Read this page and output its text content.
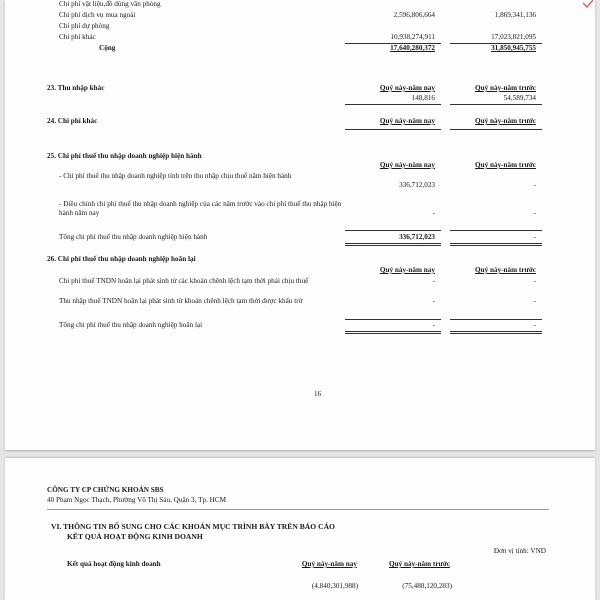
Chi phí vật liệu,đồ dùng văn phòng
Chi phí dịch vụ mua ngoài	2,596,806,664	1,869,341,136
Chi phí dự phòng
Chi phí khác	10,938,274,911	17,023,821,095
Cộng	17,640,280,372	31,850,945,755
23. Thu nhập khác	Quý này-năm nay	Quý này-năm trước
148,816	54,589,734
24. Chi phí khác	Quý này-năm nay	Quý này-năm trước
25. Chi phí thuế thu nhập doanh nghiệp hiện hành
Quý này-năm nay	Quý này-năm trước
- Chi phí thuế thu nhập doanh nghiệp tính trên thu nhập chịu thuế năm hiện hành
336,712,023	-
- Điều chỉnh chi phí thuế thu nhập doanh nghiệp của các năm trước vào chi phí thuế thu nhập hiện hành năm nay	-	-
Tổng chi phí thuế thu nhập doanh nghiệp hiện hành	336,712,023	-
26. Chi phí thuế thu nhập doanh nghiệp hoãn lại
Quý này-năm nay	Quý này-năm trước
Chi phí thuế TNDN hoãn lại phát sinh từ các khoản chênh lệch tạm thời phải chịu thuế	-	-
Thu nhập thuế TNDN hoãn lại phát sinh từ khoản chênh lệch tạm thời được khấu trừ	-	-
Tổng chi phí thuế thu nhập doanh nghiệp hoãn lại	-	-
16
CÔNG TY CP CHỨNG KHOÁN SBS
40 Phạm Ngọc Thạch, Phường Võ Thị Sáu, Quận 3, Tp. HCM
VI. THÔNG TIN BỔ SUNG CHO CÁC KHOẢN MỤC TRÌNH BÀY TRÊN BÁO CÁO
KẾT QUẢ HOẠT ĐỘNG KINH DOANH
Đơn vị tính: VND
Kết quả hoạt động kinh doanh	Quý này-năm nay	Quý này-năm trước
(4,840,301,988)	(75,488,120,283)
